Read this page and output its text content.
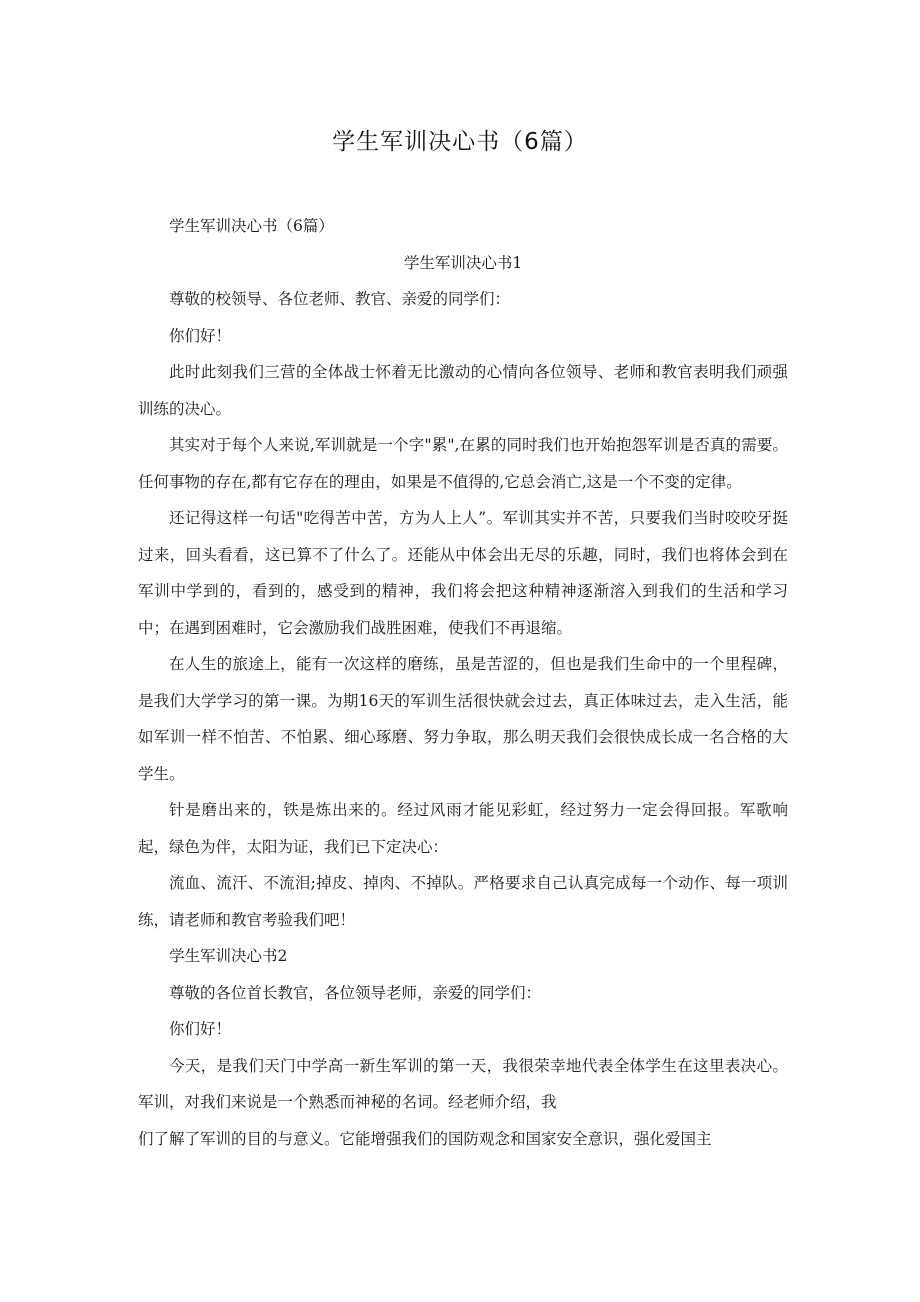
学生军训决心书（6篇）

学生军训决心书（6篇）

学生军训决心书1

尊敬的校领导、各位老师、教官、亲爱的同学们：

你们好！

此时此刻我们三营的全体战士怀着无比激动的心情向各位领导、老师和教官表明我们顽强训练的决心。

其实对于每个人来说,军训就是一个字"累",在累的同时我们也开始抱怨军训是否真的需要。任何事物的存在,都有它存在的理由，如果是不值得的,它总会消亡,这是一个不变的定律。

还记得这样一句话"吃得苦中苦，方为人上人”。军训其实并不苦，只要我们当时咬咬牙挺过来，回头看看，这已算不了什么了。还能从中体会出无尽的乐趣，同时，我们也将体会到在军训中学到的，看到的，感受到的精神，我们将会把这种精神逐渐溶入到我们的生活和学习中；在遇到困难时，它会激励我们战胜困难，使我们不再退缩。

在人生的旅途上，能有一次这样的磨练，虽是苦涩的，但也是我们生命中的一个里程碑，是我们大学学习的第一课。为期16天的军训生活很快就会过去，真正体味过去，走入生活，能如军训一样不怕苦、不怕累、细心琢磨、努力争取，那么明天我们会很快成长成一名合格的大学生。

针是磨出来的，铁是炼出来的。经过风雨才能见彩虹，经过努力一定会得回报。军歌响起，绿色为伴，太阳为证，我们已下定决心：

流血、流汗、不流泪;掉皮、掉肉、不掉队。严格要求自己认真完成每一个动作、每一项训练，请老师和教官考验我们吧！

学生军训决心书2

尊敬的各位首长教官，各位领导老师，亲爱的同学们：

你们好！

今天，是我们天门中学高一新生军训的第一天，我很荣幸地代表全体学生在这里表决心。军训，对我们来说是一个熟悉而神秘的名词。经老师介绍，我

们了解了军训的目的与意义。它能增强我们的国防观念和国家安全意识，强化爱国主
